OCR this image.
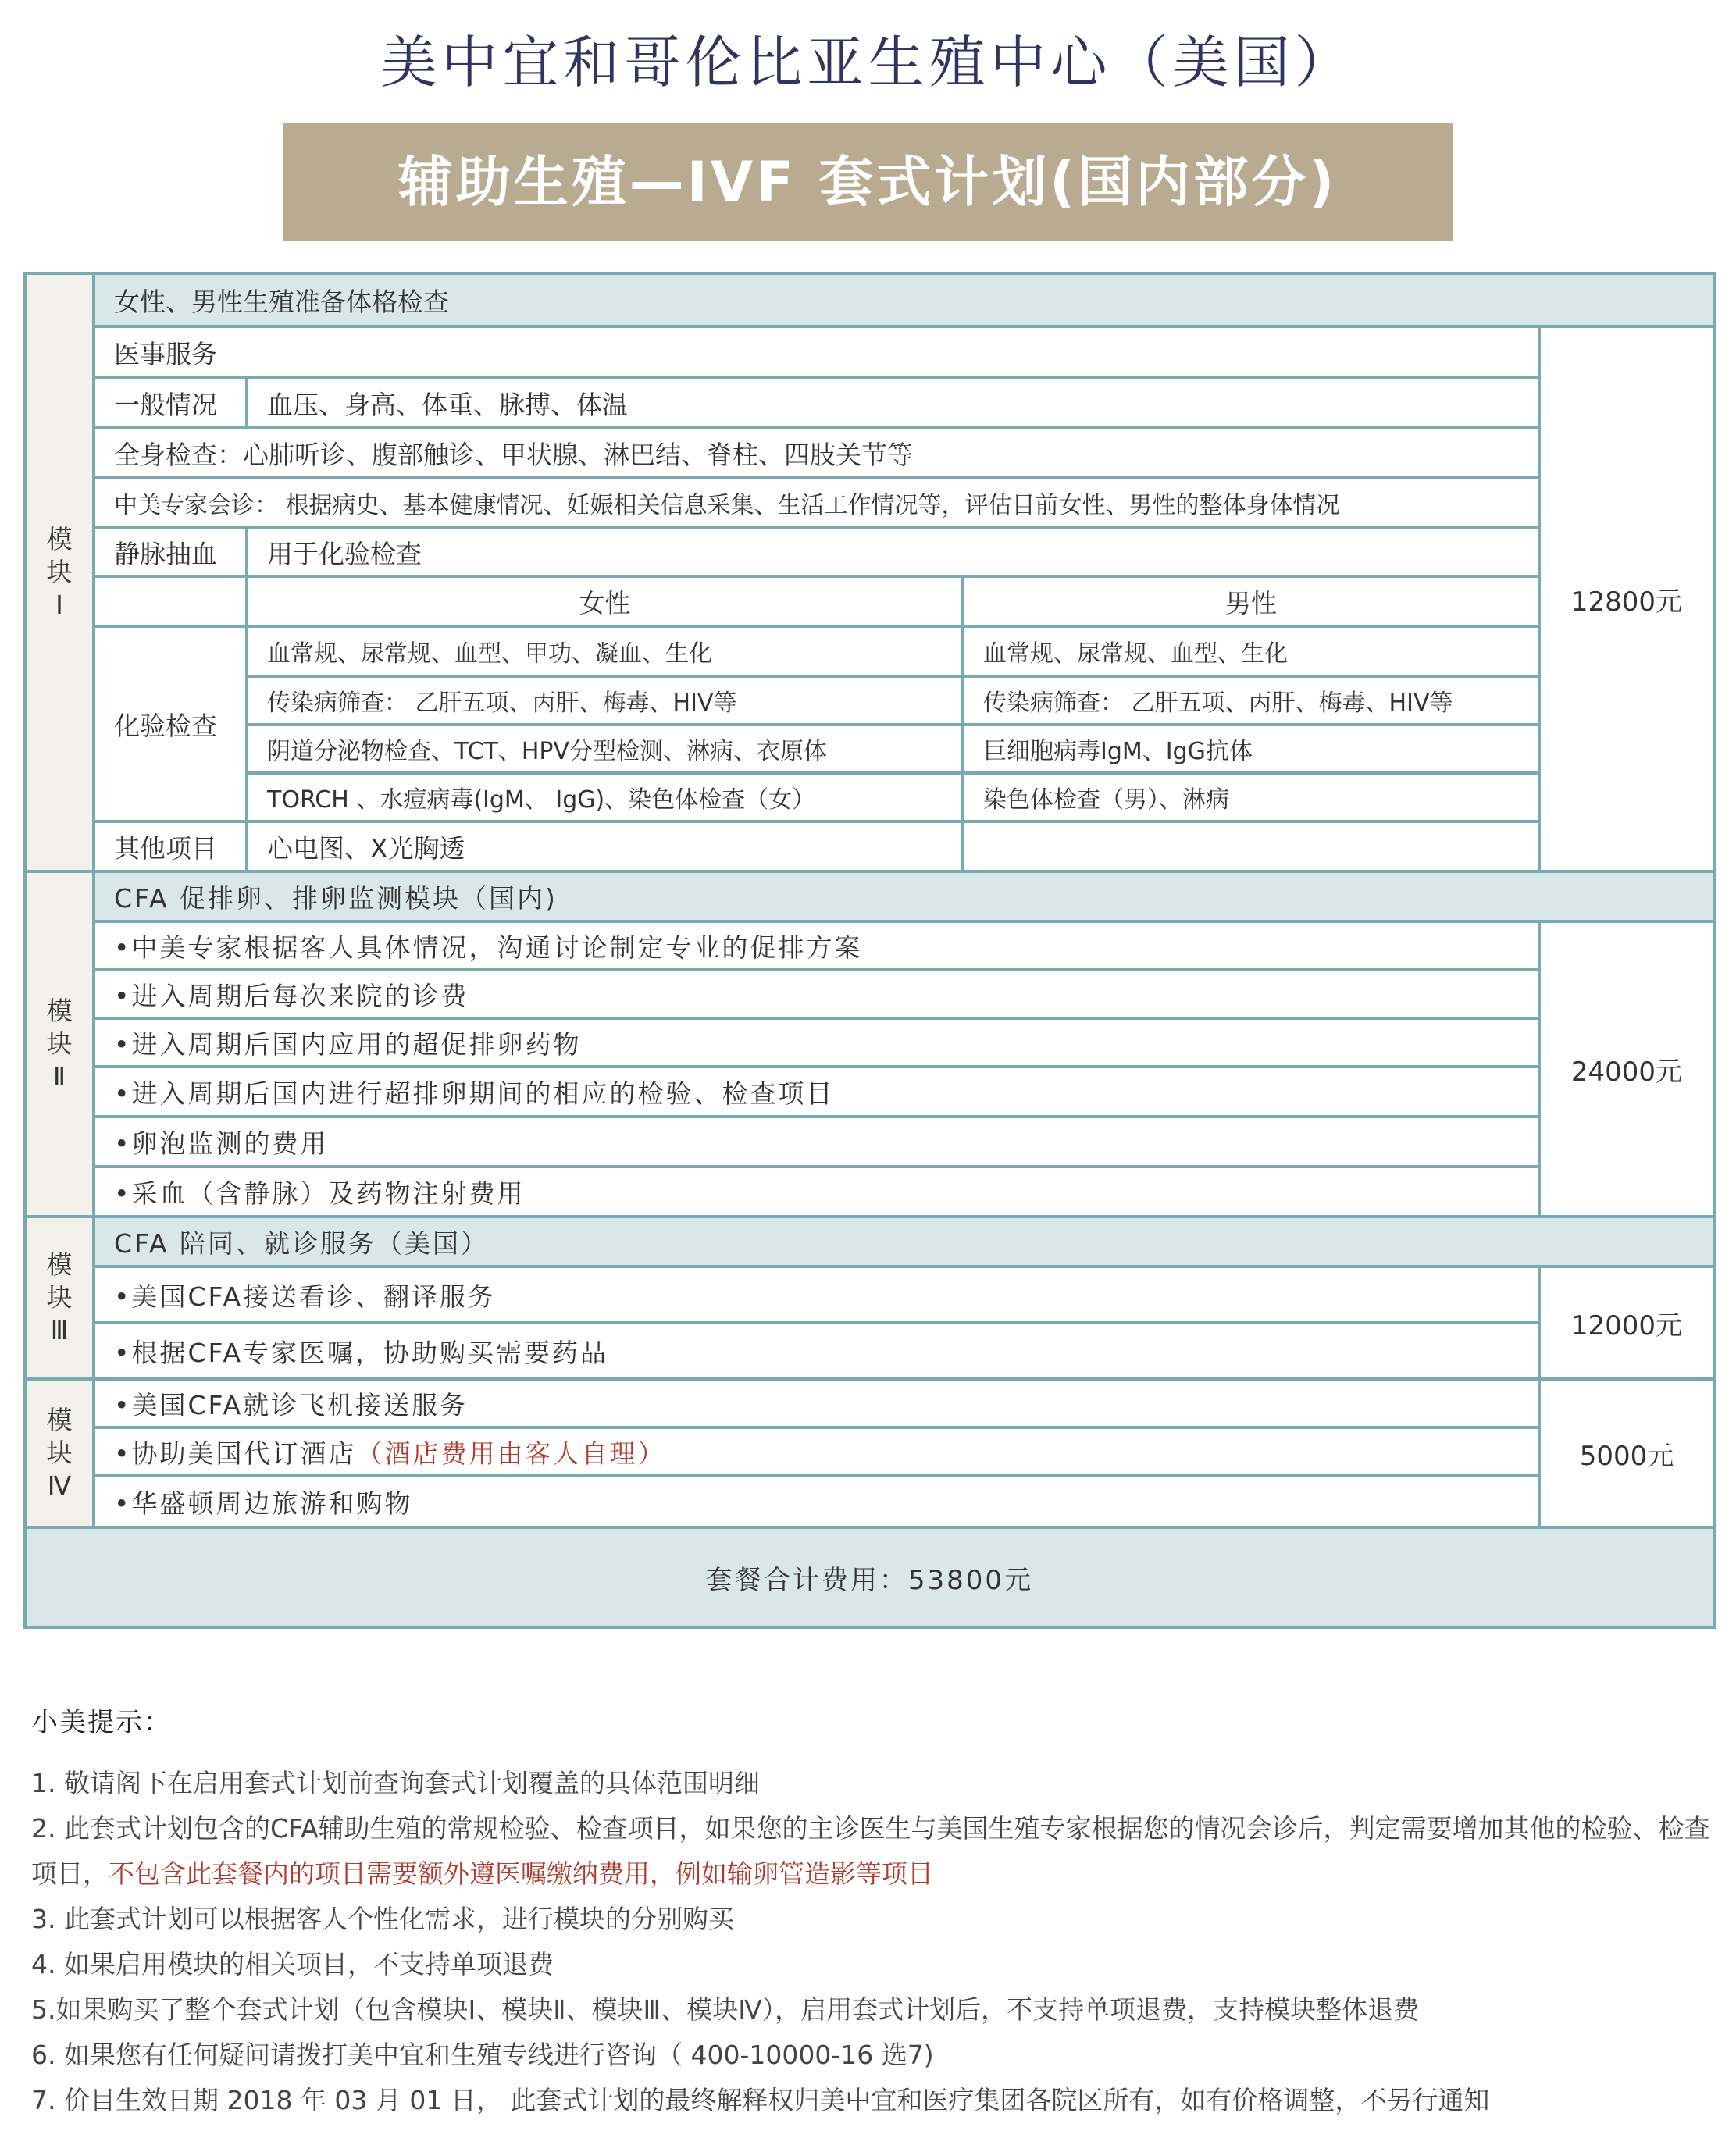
美中宜和哥伦比亚生殖中心（美国）
辅助生殖—IVF 套式计划(国内部分)
模块Ⅰ	女性、男性生殖准备体格检查			
	医事服务			12800元
	一般情况	血压、身高、体重、脉搏、体温		
	全身检查：心肺听诊、腹部触诊、甲状腺、淋巴结、脊柱、四肢关节等			
	中美专家会诊： 根据病史、基本健康情况、妊娠相关信息采集、生活工作情况等，评估目前女性、男性的整体身体情况			
	静脉抽血	用于化验检查		
		女性	男性	
	化验检查	血常规、尿常规、血型、甲功、凝血、生化	血常规、尿常规、血型、生化	
		传染病筛查： 乙肝五项、丙肝、梅毒、HIV等	传染病筛查： 乙肝五项、丙肝、梅毒、HIV等	
		阴道分泌物检查、TCT、HPV分型检测、淋病、衣原体	巨细胞病毒IgM、IgG抗体	
		TORCH 、水痘病毒(IgM、 IgG)、染色体检查（女）	染色体检查（男）、淋病	
	其他项目	心电图、X光胸透		
模块Ⅱ	CFA 促排卵、排卵监测模块（国内)			
	•中美专家根据客人具体情况，沟通讨论制定专业的促排方案			24000元
	•进入周期后每次来院的诊费			
	•进入周期后国内应用的超促排卵药物			
	•进入周期后国内进行超排卵期间的相应的检验、检查项目			
	•卵泡监测的费用			
	•采血（含静脉）及药物注射费用			
模块Ⅲ	CFA 陪同、就诊服务（美国）			
	•美国CFA接送看诊、翻译服务			12000元
	•根据CFA专家医嘱，协助购买需要药品			
模块Ⅳ	•美国CFA就诊飞机接送服务			5000元
	•协助美国代订酒店（酒店费用由客人自理）			
	•华盛顿周边旅游和购物			
套餐合计费用：53800元				

小美提示：

1. 敬请阁下在启用套式计划前查询套式计划覆盖的具体范围明细
2. 此套式计划包含的CFA辅助生殖的常规检验、检查项目，如果您的主诊医生与美国生殖专家根据您的情况会诊后，判定需要增加其他的检验、检查项目，不包含此套餐内的项目需要额外遵医嘱缴纳费用，例如输卵管造影等项目
3. 此套式计划可以根据客人个性化需求，进行模块的分别购买
4. 如果启用模块的相关项目，不支持单项退费
5.如果购买了整个套式计划（包含模块Ⅰ、模块Ⅱ、模块Ⅲ、模块Ⅳ），启用套式计划后，不支持单项退费，支持模块整体退费
6. 如果您有任何疑问请拨打美中宜和生殖专线进行咨询（ 400-10000-16 选7)
7. 价目生效日期 2018 年 03 月 01 日， 此套式计划的最终解释权归美中宜和医疗集团各院区所有，如有价格调整，不另行通知
